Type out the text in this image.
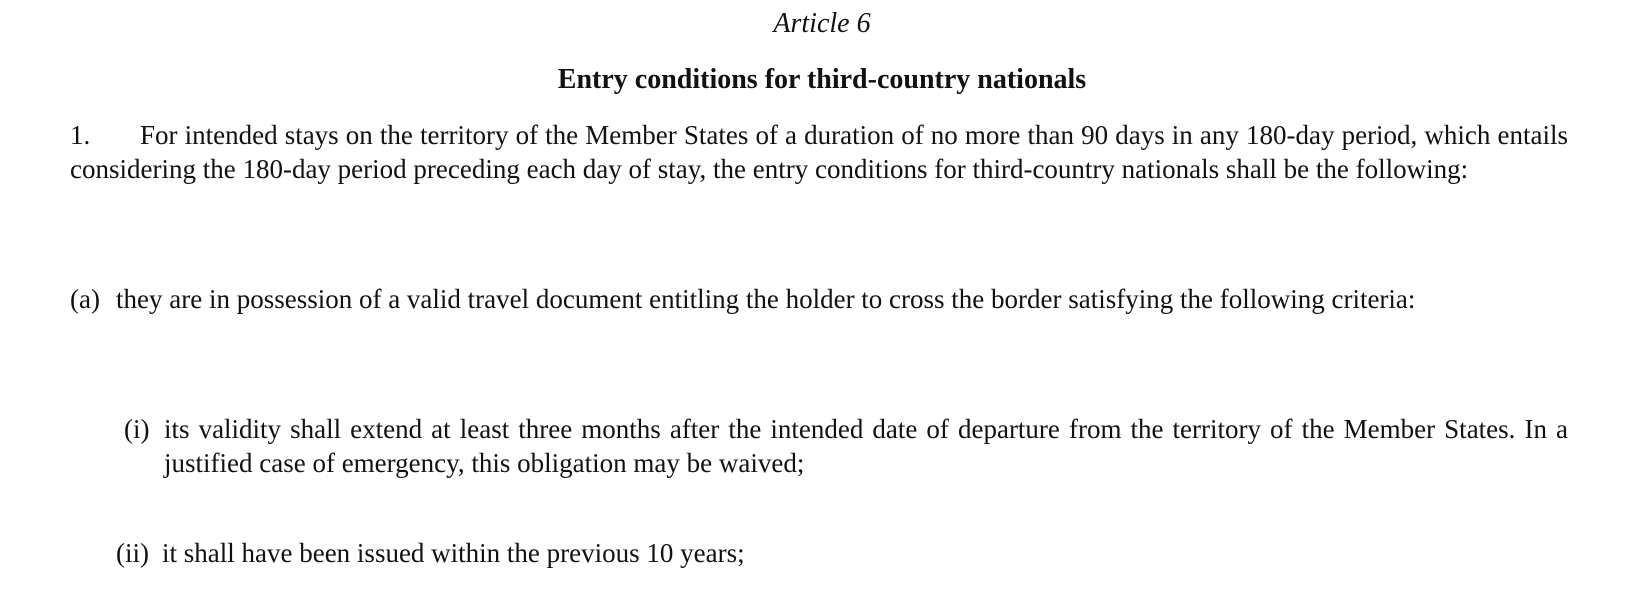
Article 6
Entry conditions for third-country nationals
1. For intended stays on the territory of the Member States of a duration of no more than 90 days in any 180-day period, which entails considering the 180-day period preceding each day of stay, the entry conditions for third-country nationals shall be the following:
(a) they are in possession of a valid travel document entitling the holder to cross the border satisfying the following criteria:
(i) its validity shall extend at least three months after the intended date of departure from the territory of the Member States. In a justified case of emergency, this obligation may be waived;
(ii) it shall have been issued within the previous 10 years;
